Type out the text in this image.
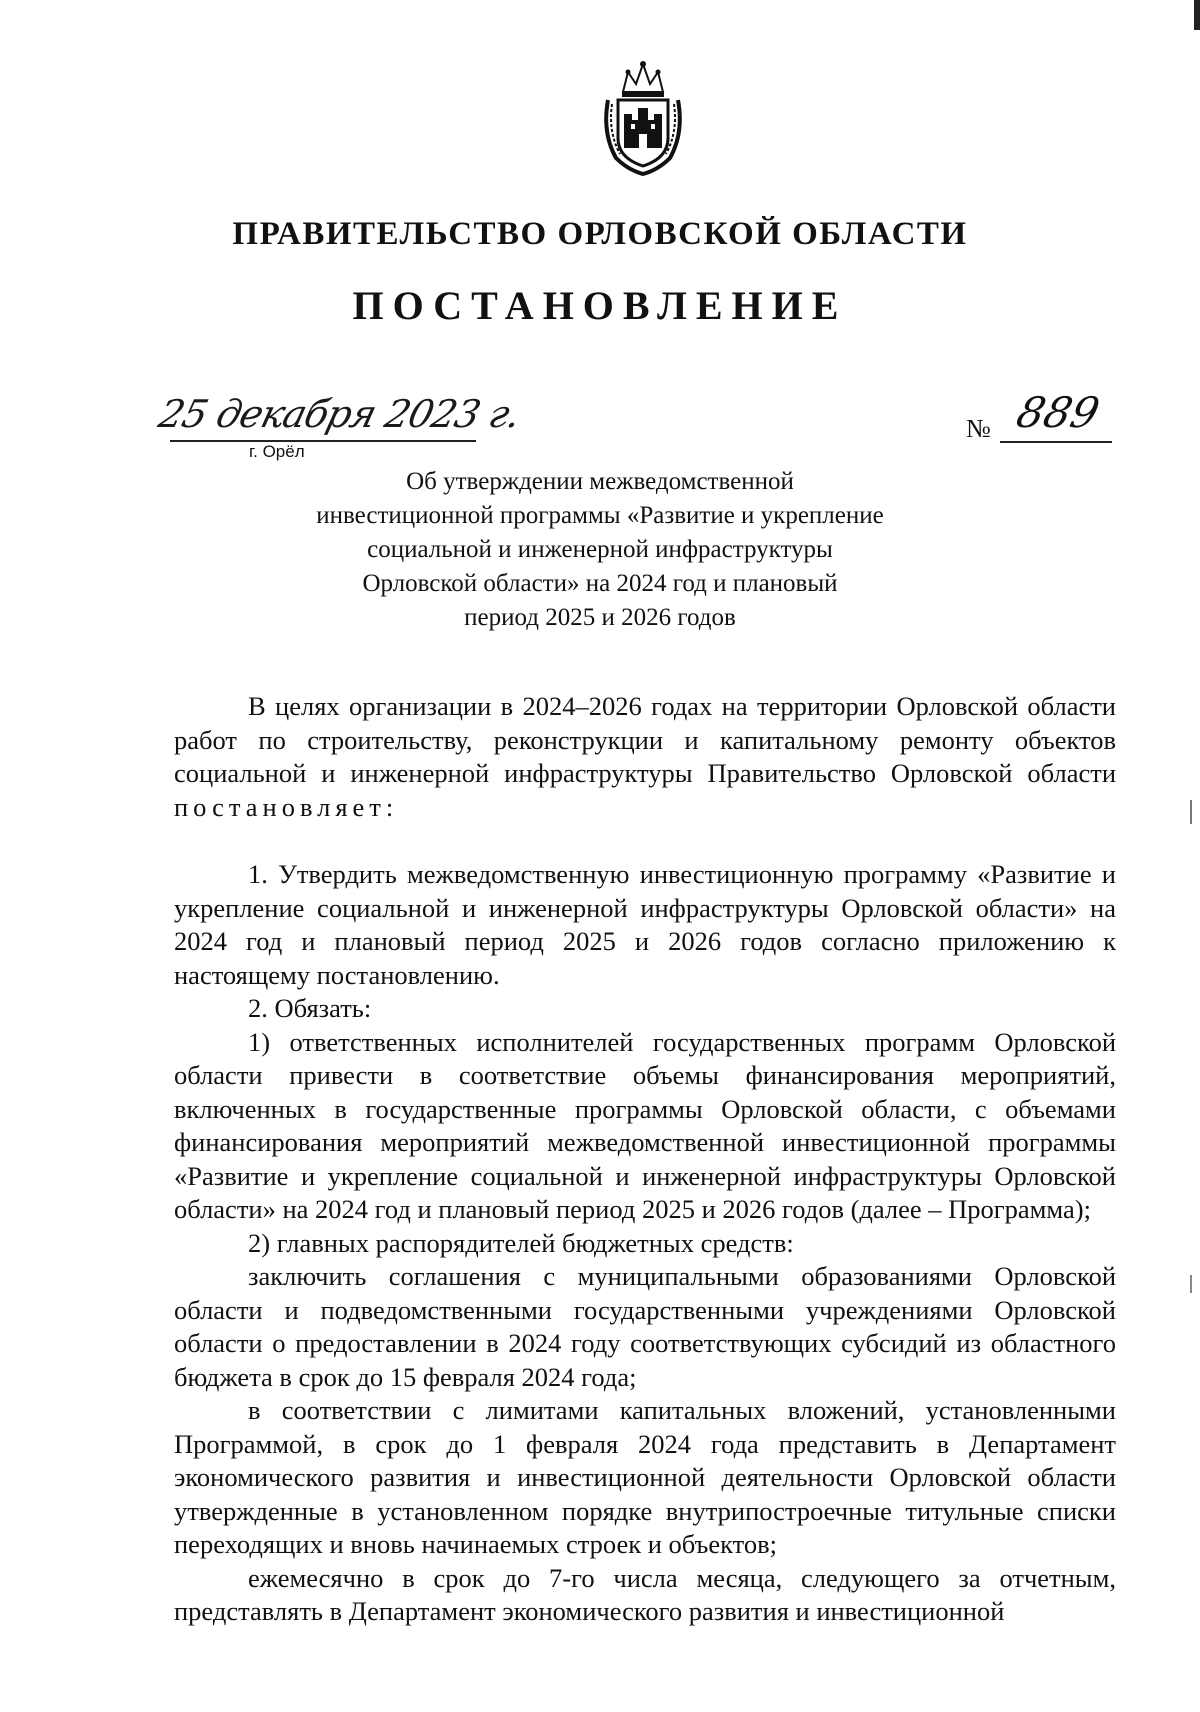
ПРАВИТЕЛЬСТВО ОРЛОВСКОЙ ОБЛАСТИ
ПОСТАНОВЛЕНИЕ
25 декабря 2023 г.
г. Орёл
№ 889
Об утверждении межведомственной
инвестиционной программы «Развитие и укрепление
социальной и инженерной инфраструктуры
Орловской области» на 2024 год и плановый
период 2025 и 2026 годов

В целях организации в 2024–2026 годах на территории Орловской области работ по строительству, реконструкции и капитальному ремонту объектов социальной и инженерной инфраструктуры Правительство Орловской области постановляет:

1. Утвердить межведомственную инвестиционную программу «Развитие и укрепление социальной и инженерной инфраструктуры Орловской области» на 2024 год и плановый период 2025 и 2026 годов согласно приложению к настоящему постановлению.

2. Обязать:

1) ответственных исполнителей государственных программ Орловской области привести в соответствие объемы финансирования мероприятий, включенных в государственные программы Орловской области, с объемами финансирования мероприятий межведомственной инвестиционной программы «Развитие и укрепление социальной и инженерной инфраструктуры Орловской области» на 2024 год и плановый период 2025 и 2026 годов (далее – Программа);

2) главных распорядителей бюджетных средств:

заключить соглашения с муниципальными образованиями Орловской области и подведомственными государственными учреждениями Орловской области о предоставлении в 2024 году соответствующих субсидий из областного бюджета в срок до 15 февраля 2024 года;

в соответствии с лимитами капитальных вложений, установленными Программой, в срок до 1 февраля 2024 года представить в Департамент экономического развития и инвестиционной деятельности Орловской области утвержденные в установленном порядке внутрипостроечные титульные списки переходящих и вновь начинаемых строек и объектов;

ежемесячно в срок до 7-го числа месяца, следующего за отчетным, представлять в Департамент экономического развития и инвестиционной
